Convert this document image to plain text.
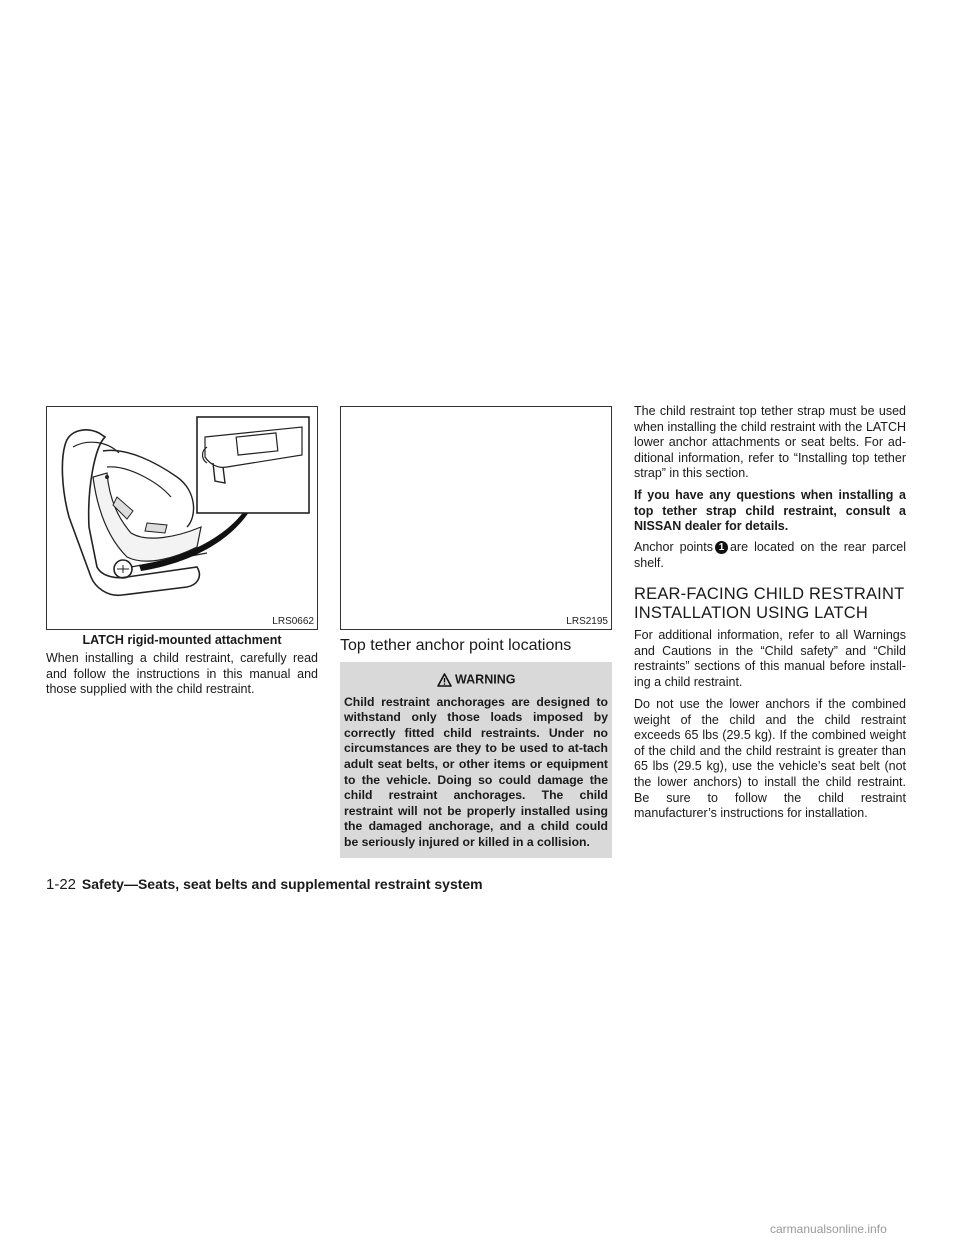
LRS0662
LATCH rigid-mounted attachment

When installing a child restraint, carefully read and follow the instructions in this manual and those supplied with the child restraint.

LRS2195
Top tether anchor point locations
WARNING
Child restraint anchorages are designed to withstand only those loads imposed by correctly fitted child restraints. Under no circumstances are they to be used to at-tach adult seat belts, or other items or equipment to the vehicle. Doing so could damage the child restraint anchorages. The child restraint will not be properly installed using the damaged anchorage, and a child could be seriously injured or killed in a collision.

The child restraint top tether strap must be used when installing the child restraint with the LATCH lower anchor attachments or seat belts. For ad-ditional information, refer to “Installing top tether strap” in this section.

If you have any questions when installing a top tether strap child restraint, consult a NISSAN dealer for details.

Anchor points 1 are located on the rear parcel shelf.

REAR-FACING CHILD RESTRAINT
INSTALLATION USING LATCH

For additional information, refer to all Warnings and Cautions in the “Child safety” and “Child restraints” sections of this manual before install-ing a child restraint.

Do not use the lower anchors if the combined weight of the child and the child restraint exceeds 65 lbs (29.5 kg). If the combined weight of the child and the child restraint is greater than 65 lbs (29.5 kg), use the vehicle’s seat belt (not the lower anchors) to install the child restraint. Be sure to follow the child restraint manufacturer’s instructions for installation.

1-22 Safety—Seats, seat belts and supplemental restraint system
carmanualsonline.info
